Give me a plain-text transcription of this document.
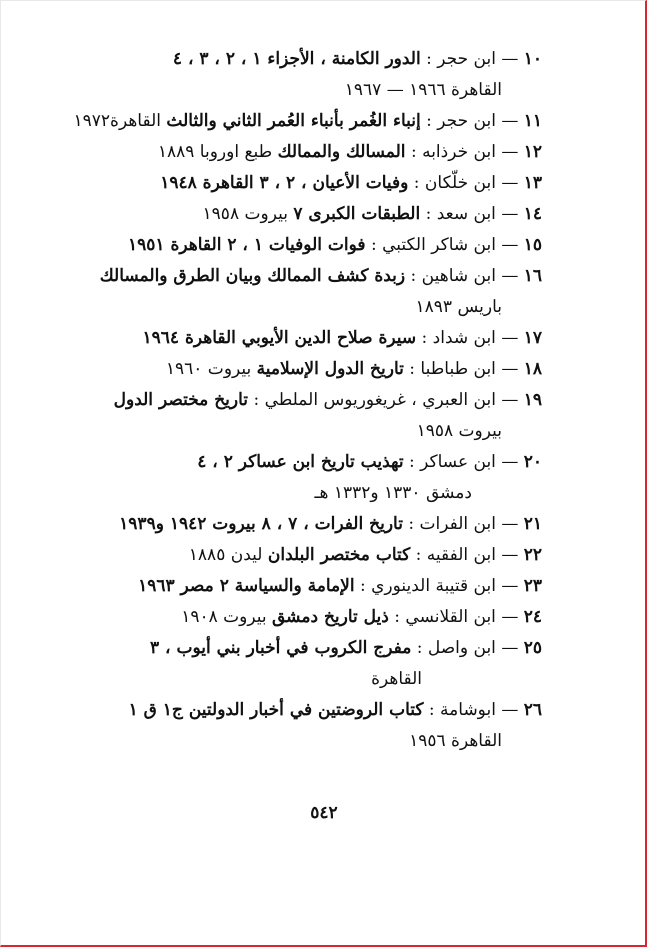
١٠ — ابن حجر : الدور الكامنة ، الأجزاء ١ ، ٢ ، ٣ ، ٤
القاهرة ١٩٦٦ — ١٩٦٧
١١ — ابن حجر : إنباء الغُمر بأنباء العُمر الثاني والثالث القاهرة١٩٧٢
١٢ — ابن خرذابه : المسالك والممالك طبع اوروبا ١٨٨٩
١٣ — ابن خلّكان : وفيات الأعيان ، ٢ ، ٣ القاهرة ١٩٤٨
١٤ — ابن سعد : الطبقات الكبرى ٧ بيروت ١٩٥٨
١٥ — ابن شاكر الكتبي : فوات الوفيات ١ ، ٢ القاهرة ١٩٥١
١٦ — ابن شاهين : زبدة كشف الممالك وبيان الطرق والمسالك
باريس ١٨٩٣
١٧ — ابن شداد : سيرة صلاح الدين الأيوبي القاهرة ١٩٦٤
١٨ — ابن طباطبا : تاريخ الدول الإسلامية بيروت ١٩٦٠
١٩ — ابن العبري ، غريغوريوس الملطي : تاريخ مختصر الدول
بيروت ١٩٥٨
٢٠ — ابن عساكر : تهذيب تاريخ ابن عساكر ٢ ، ٤
دمشق ١٣٣٠ و١٣٣٢ هـ
٢١ — ابن الفرات : تاريخ الفرات ، ٧ ، ٨ بيروت ١٩٤٢ و١٩٣٩
٢٢ — ابن الفقيه : كتاب مختصر البلدان ليدن ١٨٨٥
٢٣ — ابن قتيبة الدينوري : الإمامة والسياسة ٢ مصر ١٩٦٣
٢٤ — ابن القلانسي : ذيل تاريخ دمشق بيروت ١٩٠٨
٢٥ — ابن واصل : مفرج الكروب في أخبار بني أيوب ، ٣
القاهرة
٢٦ — ابوشامة : كتاب الروضتين في أخبار الدولتين ج١ ق ١
القاهرة ١٩٥٦
٥٤٢
